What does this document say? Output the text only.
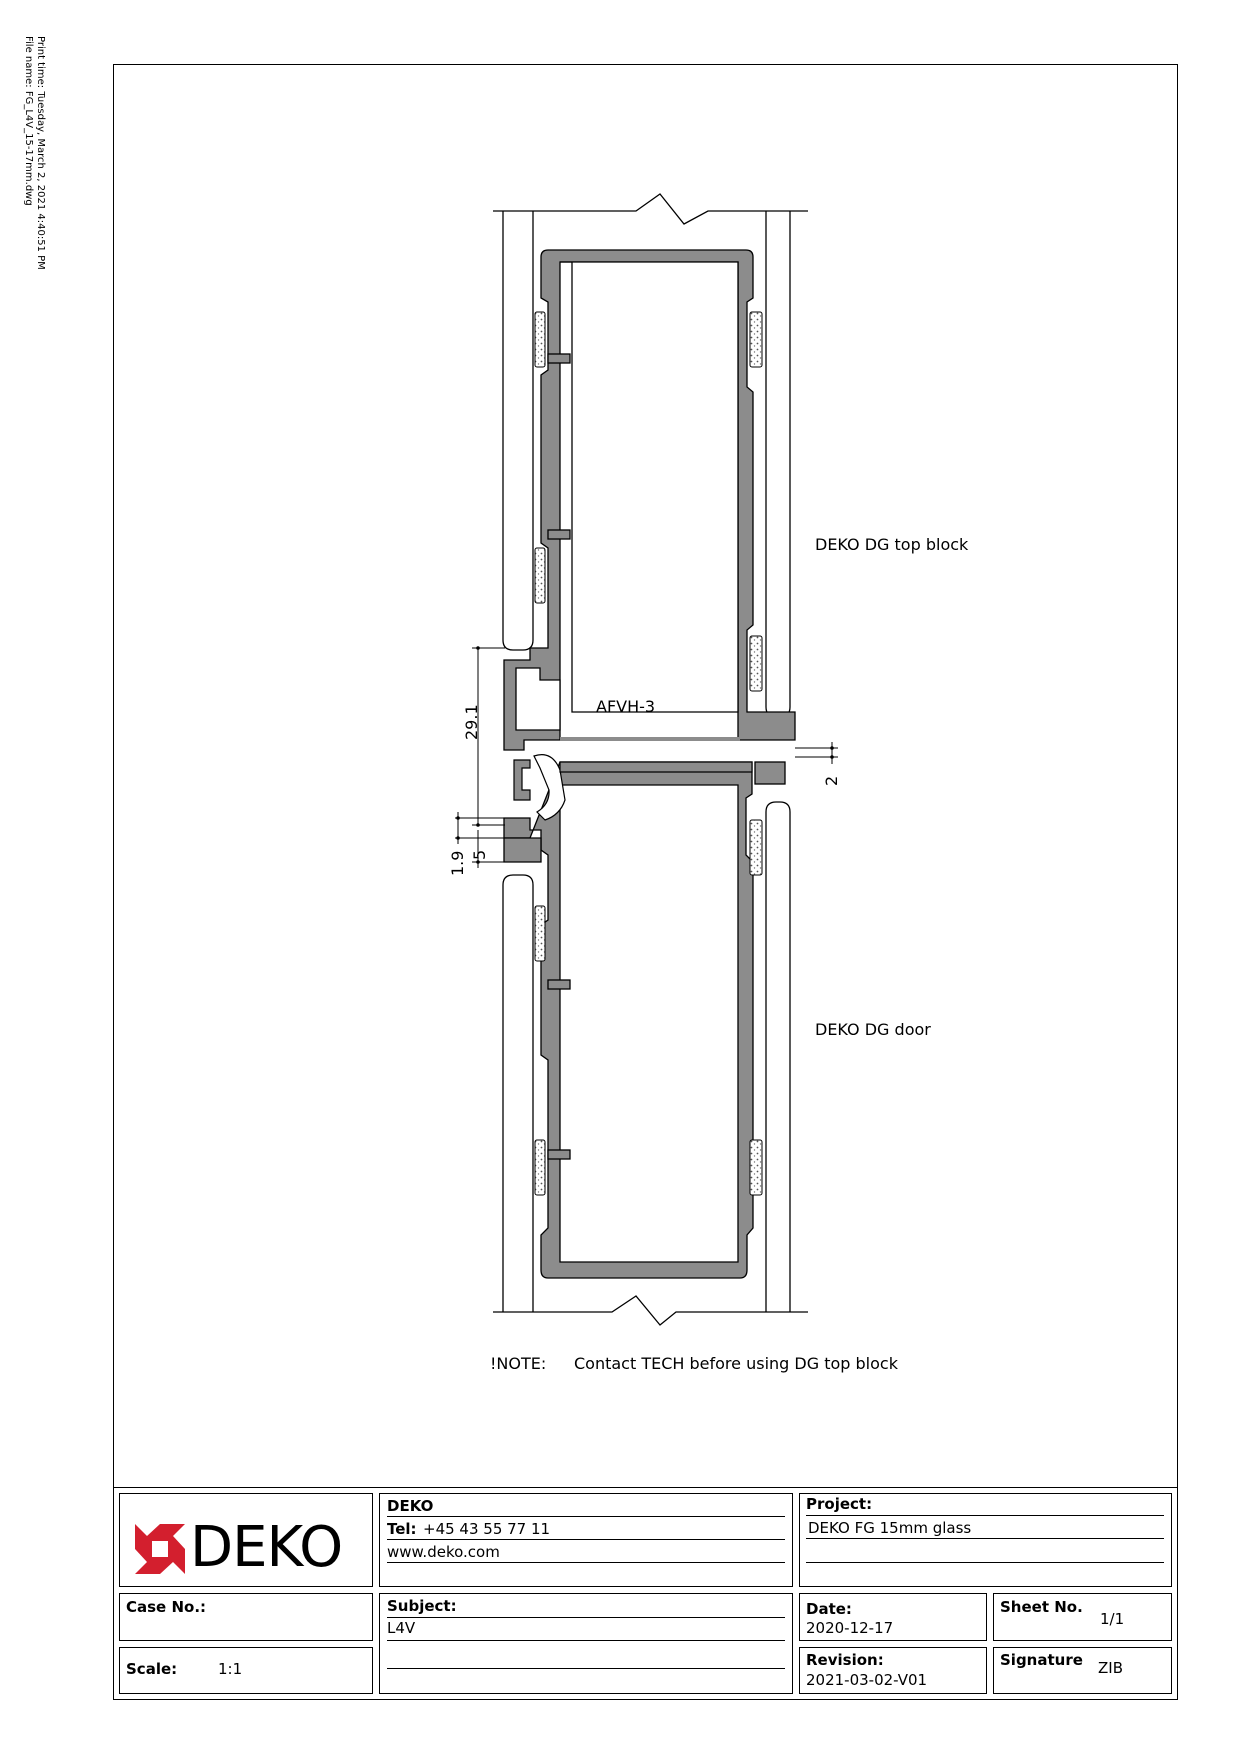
Print time: Tuesday, March 2, 2021 4:40:51 PM
File name: FG_L4V_15-17mm.dwg
29.1
5
1.9
2
DEKO DG top block
AFVH-3
DEKO DG door
!NOTE: Contact TECH before using DG top block
DEKO
DEKO
Tel: +45 43 55 77 11
www.deko.com
Project:
DEKO FG 15mm glass
Case No.:
Scale:	1:1
Subject:
L4V
Date:
2020-12-17
Sheet No.
1/1
Revision:
2021-03-02-V01
Signature ZIB
